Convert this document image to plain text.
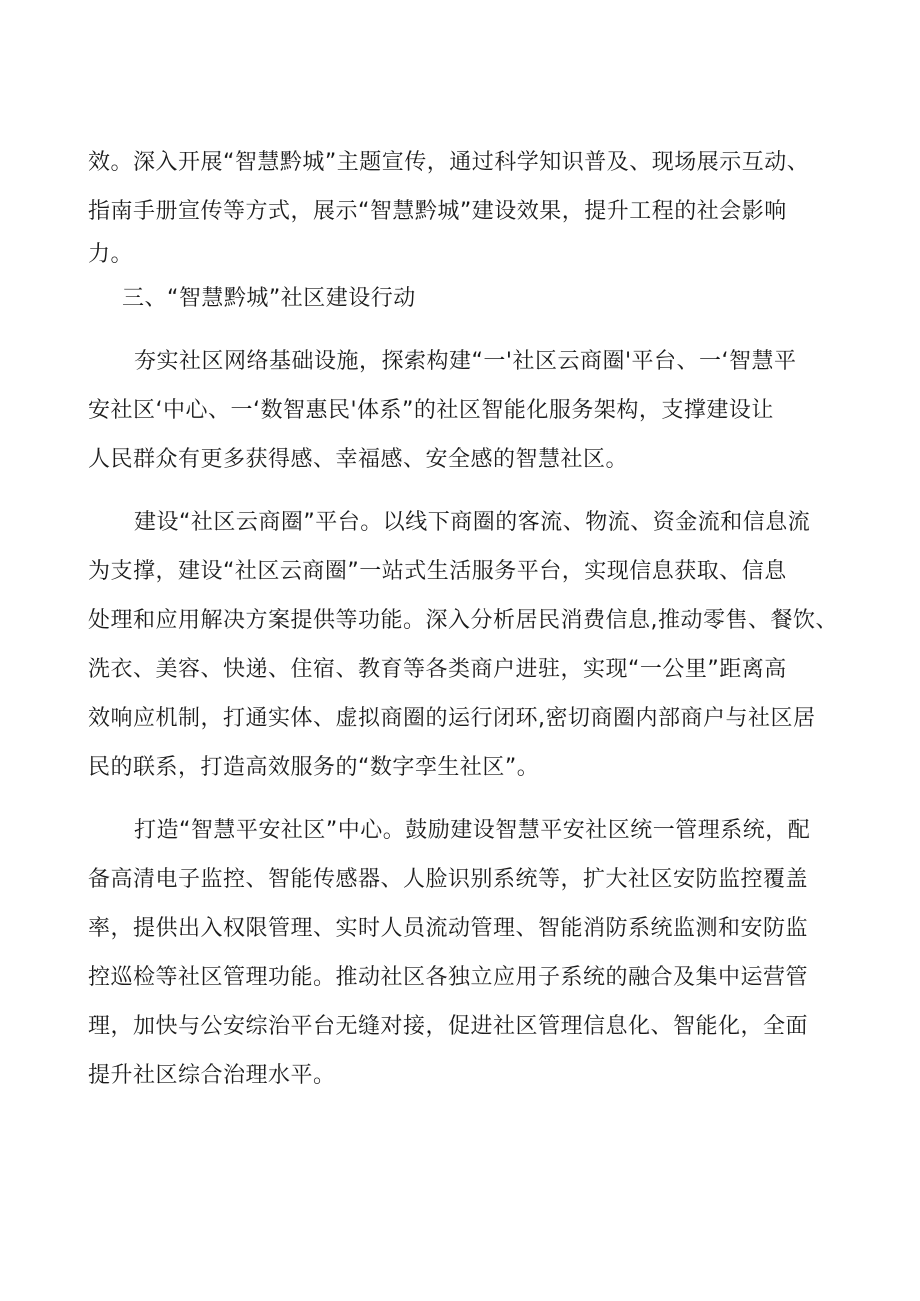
效。深入开展“智慧黔城”主题宣传，通过科学知识普及、现场展示互动、
指南手册宣传等方式，展示“智慧黔城”建设效果，提升工程的社会影响
力。
三、“智慧黔城”社区建设行动
夯实社区网络基础设施，探索构建“一'社区云商圈'平台、一‘智慧平
安社区‘中心、一‘数智惠民'体系”的社区智能化服务架构，支撑建设让
人民群众有更多获得感、幸福感、安全感的智慧社区。
建设“社区云商圈”平台。以线下商圈的客流、物流、资金流和信息流
为支撑，建设“社区云商圈”一站式生活服务平台，实现信息获取、信息
处理和应用解决方案提供等功能。深入分析居民消费信息,推动零售、餐饮、
洗衣、美容、快递、住宿、教育等各类商户进驻，实现“一公里”距离高
效响应机制，打通实体、虚拟商圈的运行闭环,密切商圈内部商户与社区居
民的联系，打造高效服务的“数字孪生社区”。
打造“智慧平安社区”中心。鼓励建设智慧平安社区统一管理系统，配
备高清电子监控、智能传感器、人脸识别系统等，扩大社区安防监控覆盖
率，提供出入权限管理、实时人员流动管理、智能消防系统监测和安防监
控巡检等社区管理功能。推动社区各独立应用子系统的融合及集中运营管
理，加快与公安综治平台无缝对接，促进社区管理信息化、智能化，全面
提升社区综合治理水平。
